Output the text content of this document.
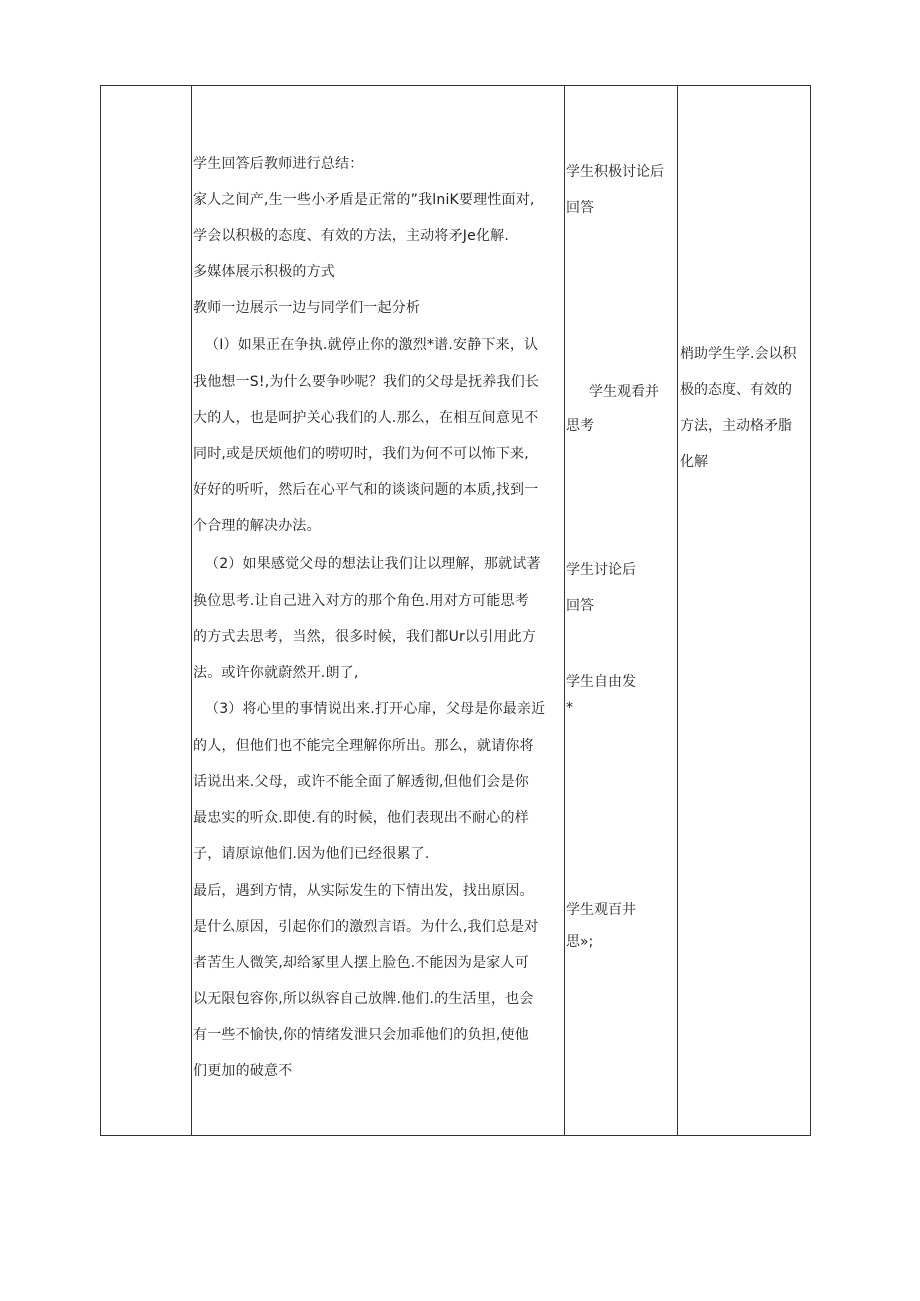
学生回答后教师进行总结：
家人之间产,生一些小矛盾是正常的”我lniK要理性面对,
学会以积极的态度、有效的方法，主动将矛Je化解.
多媒体展示积极的方式
教师一边展示一边与同学们一起分析
（I）如果正在争执.就停止你的激烈*谱.安静下来，认
我他想一S!,为什么要争吵呢？我们的父母是抚养我们长
大的人，也是呵护关心我们的人.那么，在相互间意见不
同时,或是厌烦他们的唠叨时，我们为何不可以怖下来,
好好的听听，然后在心平气和的谈谈问题的本质,找到一
个合理的解决办法。
（2）如果感觉父母的想法让我们让以理解，那就试著
换位思考.让自己进入对方的那个角色.用对方可能思考
的方式去思考，当然，很多时候，我们都Ur以引用此方
法。或许你就蔚然开.朗了,
（3）将心里的事情说出来.打开心扉，父母是你最亲近
的人，但他们也不能完全理解你所出。那么，就请你将
话说出来.父母，或许不能全面了解透彻,但他们会是你
最忠实的听众.即使.有的时候，他们表现出不耐心的样
子，请原谅他们.因为他们已经很累了.
最后，遇到方情，从实际发生的下情出发，找出原因。
是什么原因，引起你们的激烈言语。为什么,我们总是对
者苦生人微笑,却给冢里人摆上脸色.不能因为是家人可
以无限包容你,所以纵容自己放牌.他们.的生活里，也会
有一些不愉快,你的情绪发泄只会加乖他们的负担,使他
们更加的破意不
学生积极讨论后
回答
学生观看并
思考
学生讨论后
回答
学生自由发
*
学生观百井
思»;
梢助学生学.会以积
极的态度、有效的
方法，主动格矛脂
化解
